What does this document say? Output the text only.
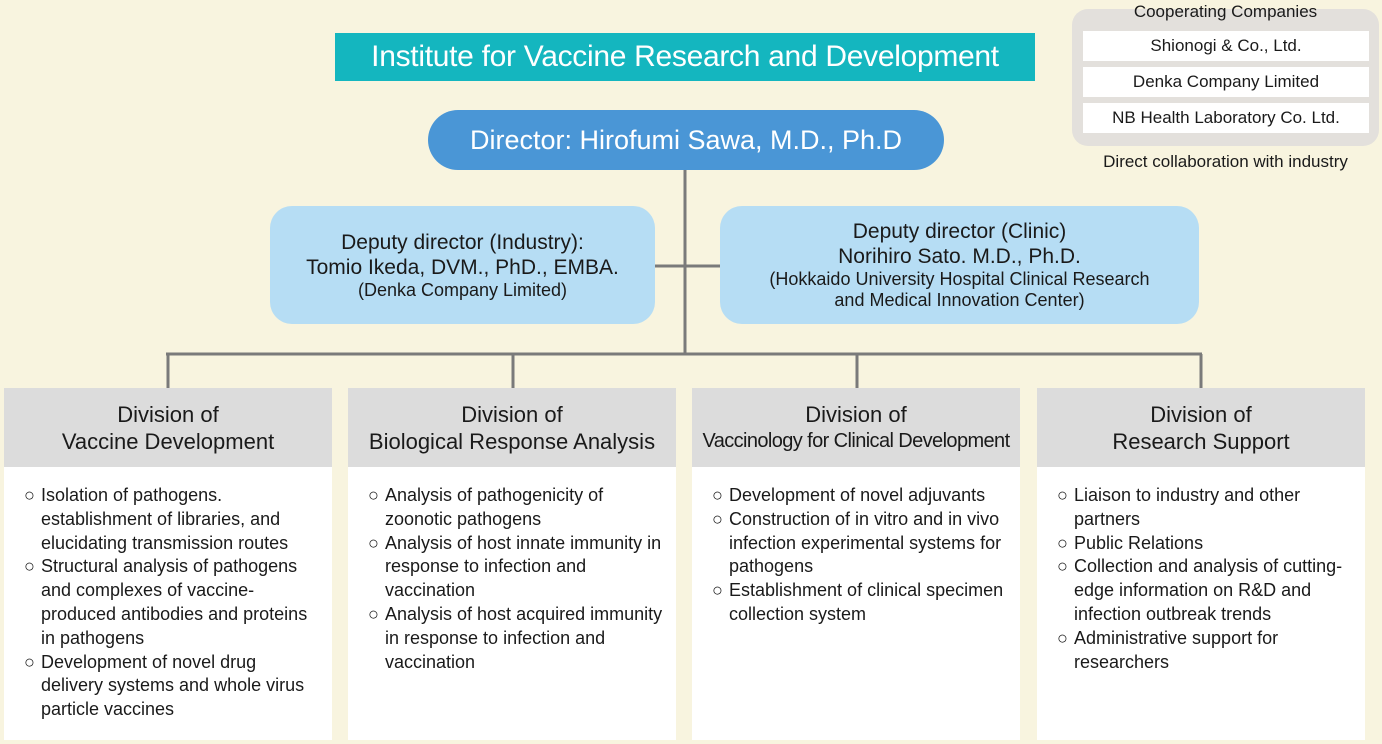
Institute for Vaccine Research and Development
Director: Hirofumi Sawa, M.D., Ph.D
Deputy director (Industry):
Tomio Ikeda, DVM., PhD., EMBA.
(Denka Company Limited)
Deputy director (Clinic)
Norihiro Sato. M.D., Ph.D.
(Hokkaido University Hospital Clinical Research
and Medical Innovation Center)
Cooperating Companies
Shionogi & Co., Ltd.
Denka Company Limited
NB Health Laboratory Co. Ltd.
Direct collaboration with industry
Division of
Vaccine Development
○ Isolation of pathogens. establishment of libraries, and elucidating transmission routes
○ Structural analysis of pathogens and complexes of vaccine-produced antibodies and proteins in pathogens
○ Development of novel drug delivery systems and whole virus particle vaccines
Division of
Biological Response Analysis
○ Analysis of pathogenicity of zoonotic pathogens
○ Analysis of host innate immunity in response to infection and vaccination
○ Analysis of host acquired immunity in response to infection and vaccination
Division of
Vaccinology for Clinical Development
○ Development of novel adjuvants
○ Construction of in vitro and in vivo infection experimental systems for pathogens
○ Establishment of clinical specimen collection system
Division of
Research Support
○ Liaison to industry and other partners
○ Public Relations
○ Collection and analysis of cutting-edge information on R&D and infection outbreak trends
○ Administrative support for researchers
